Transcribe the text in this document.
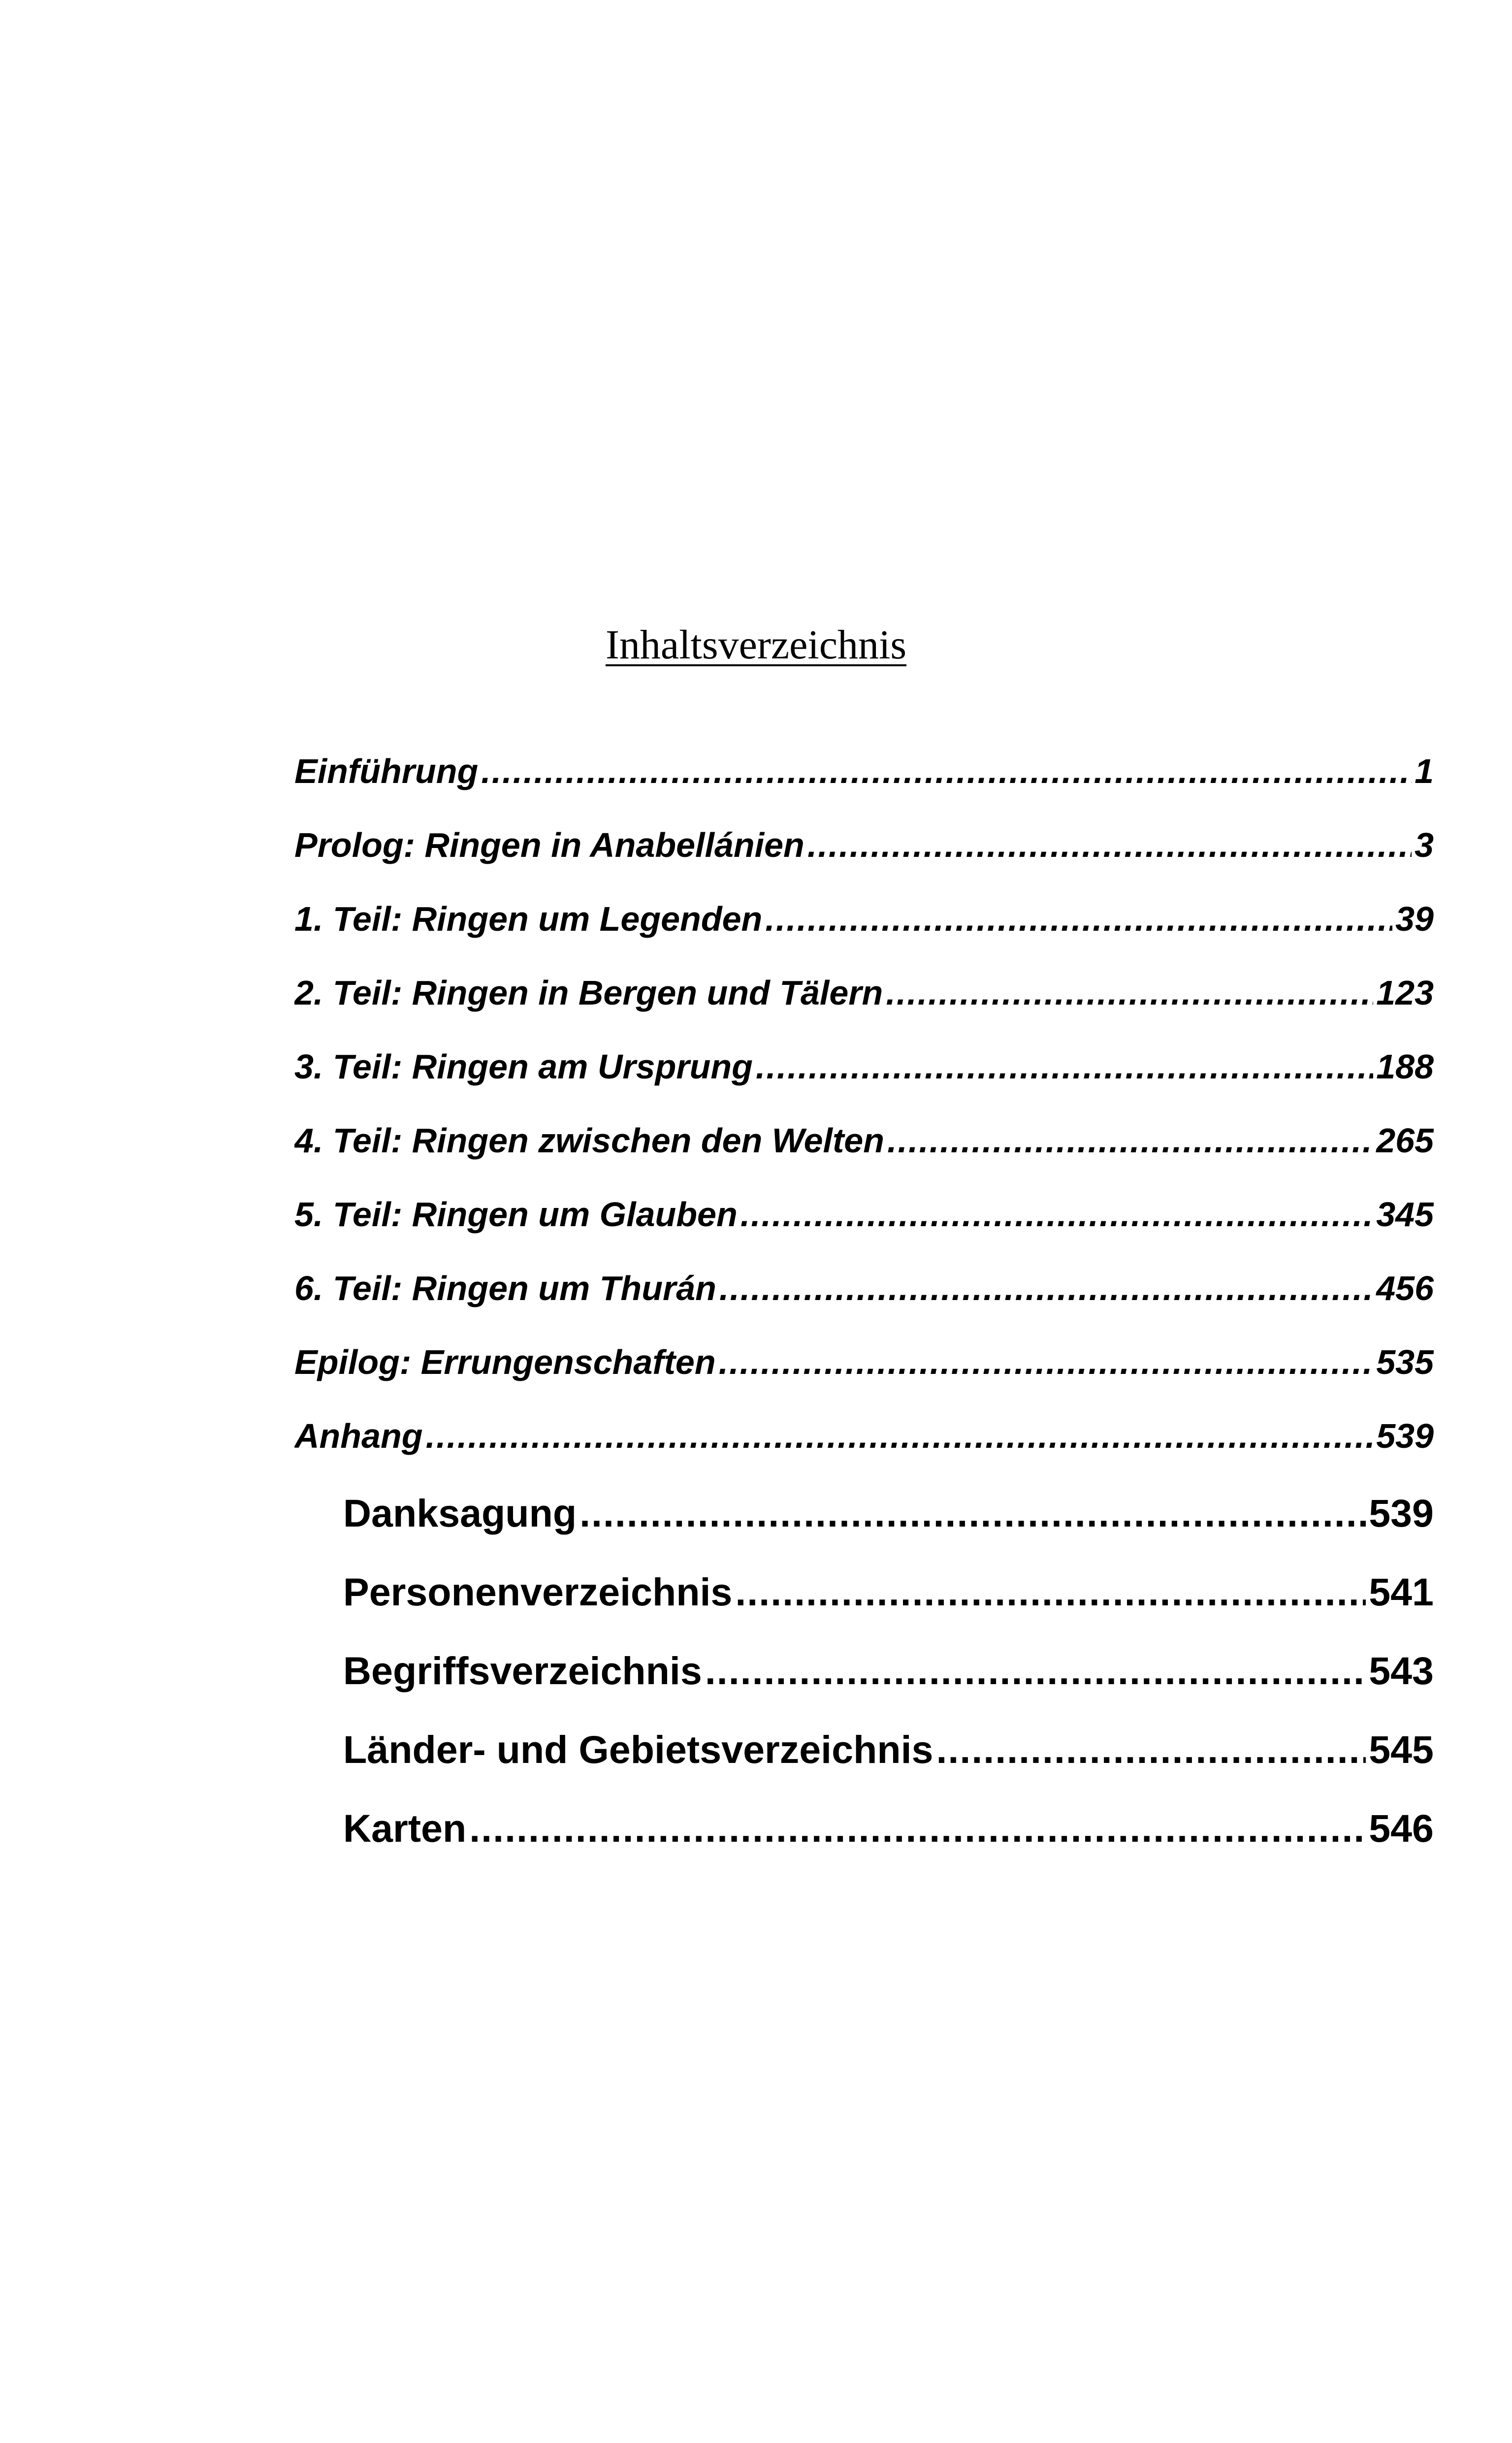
Inhaltsverzeichnis
Einführung .....	1
Prolog: Ringen in Anabellánien .....	3
1. Teil: Ringen um Legenden .....	39
2. Teil: Ringen in Bergen und Tälern .....	123
3. Teil: Ringen am Ursprung .....	188
4. Teil: Ringen zwischen den Welten .....	265
5. Teil: Ringen um Glauben .....	345
6. Teil: Ringen um Thurán .....	456
Epilog: Errungenschaften .....	535
Anhang .....	539
Danksagung .....	539
Personenverzeichnis .....	541
Begriffsverzeichnis .....	543
Länder- und Gebietsverzeichnis .....	545
Karten .....	546
